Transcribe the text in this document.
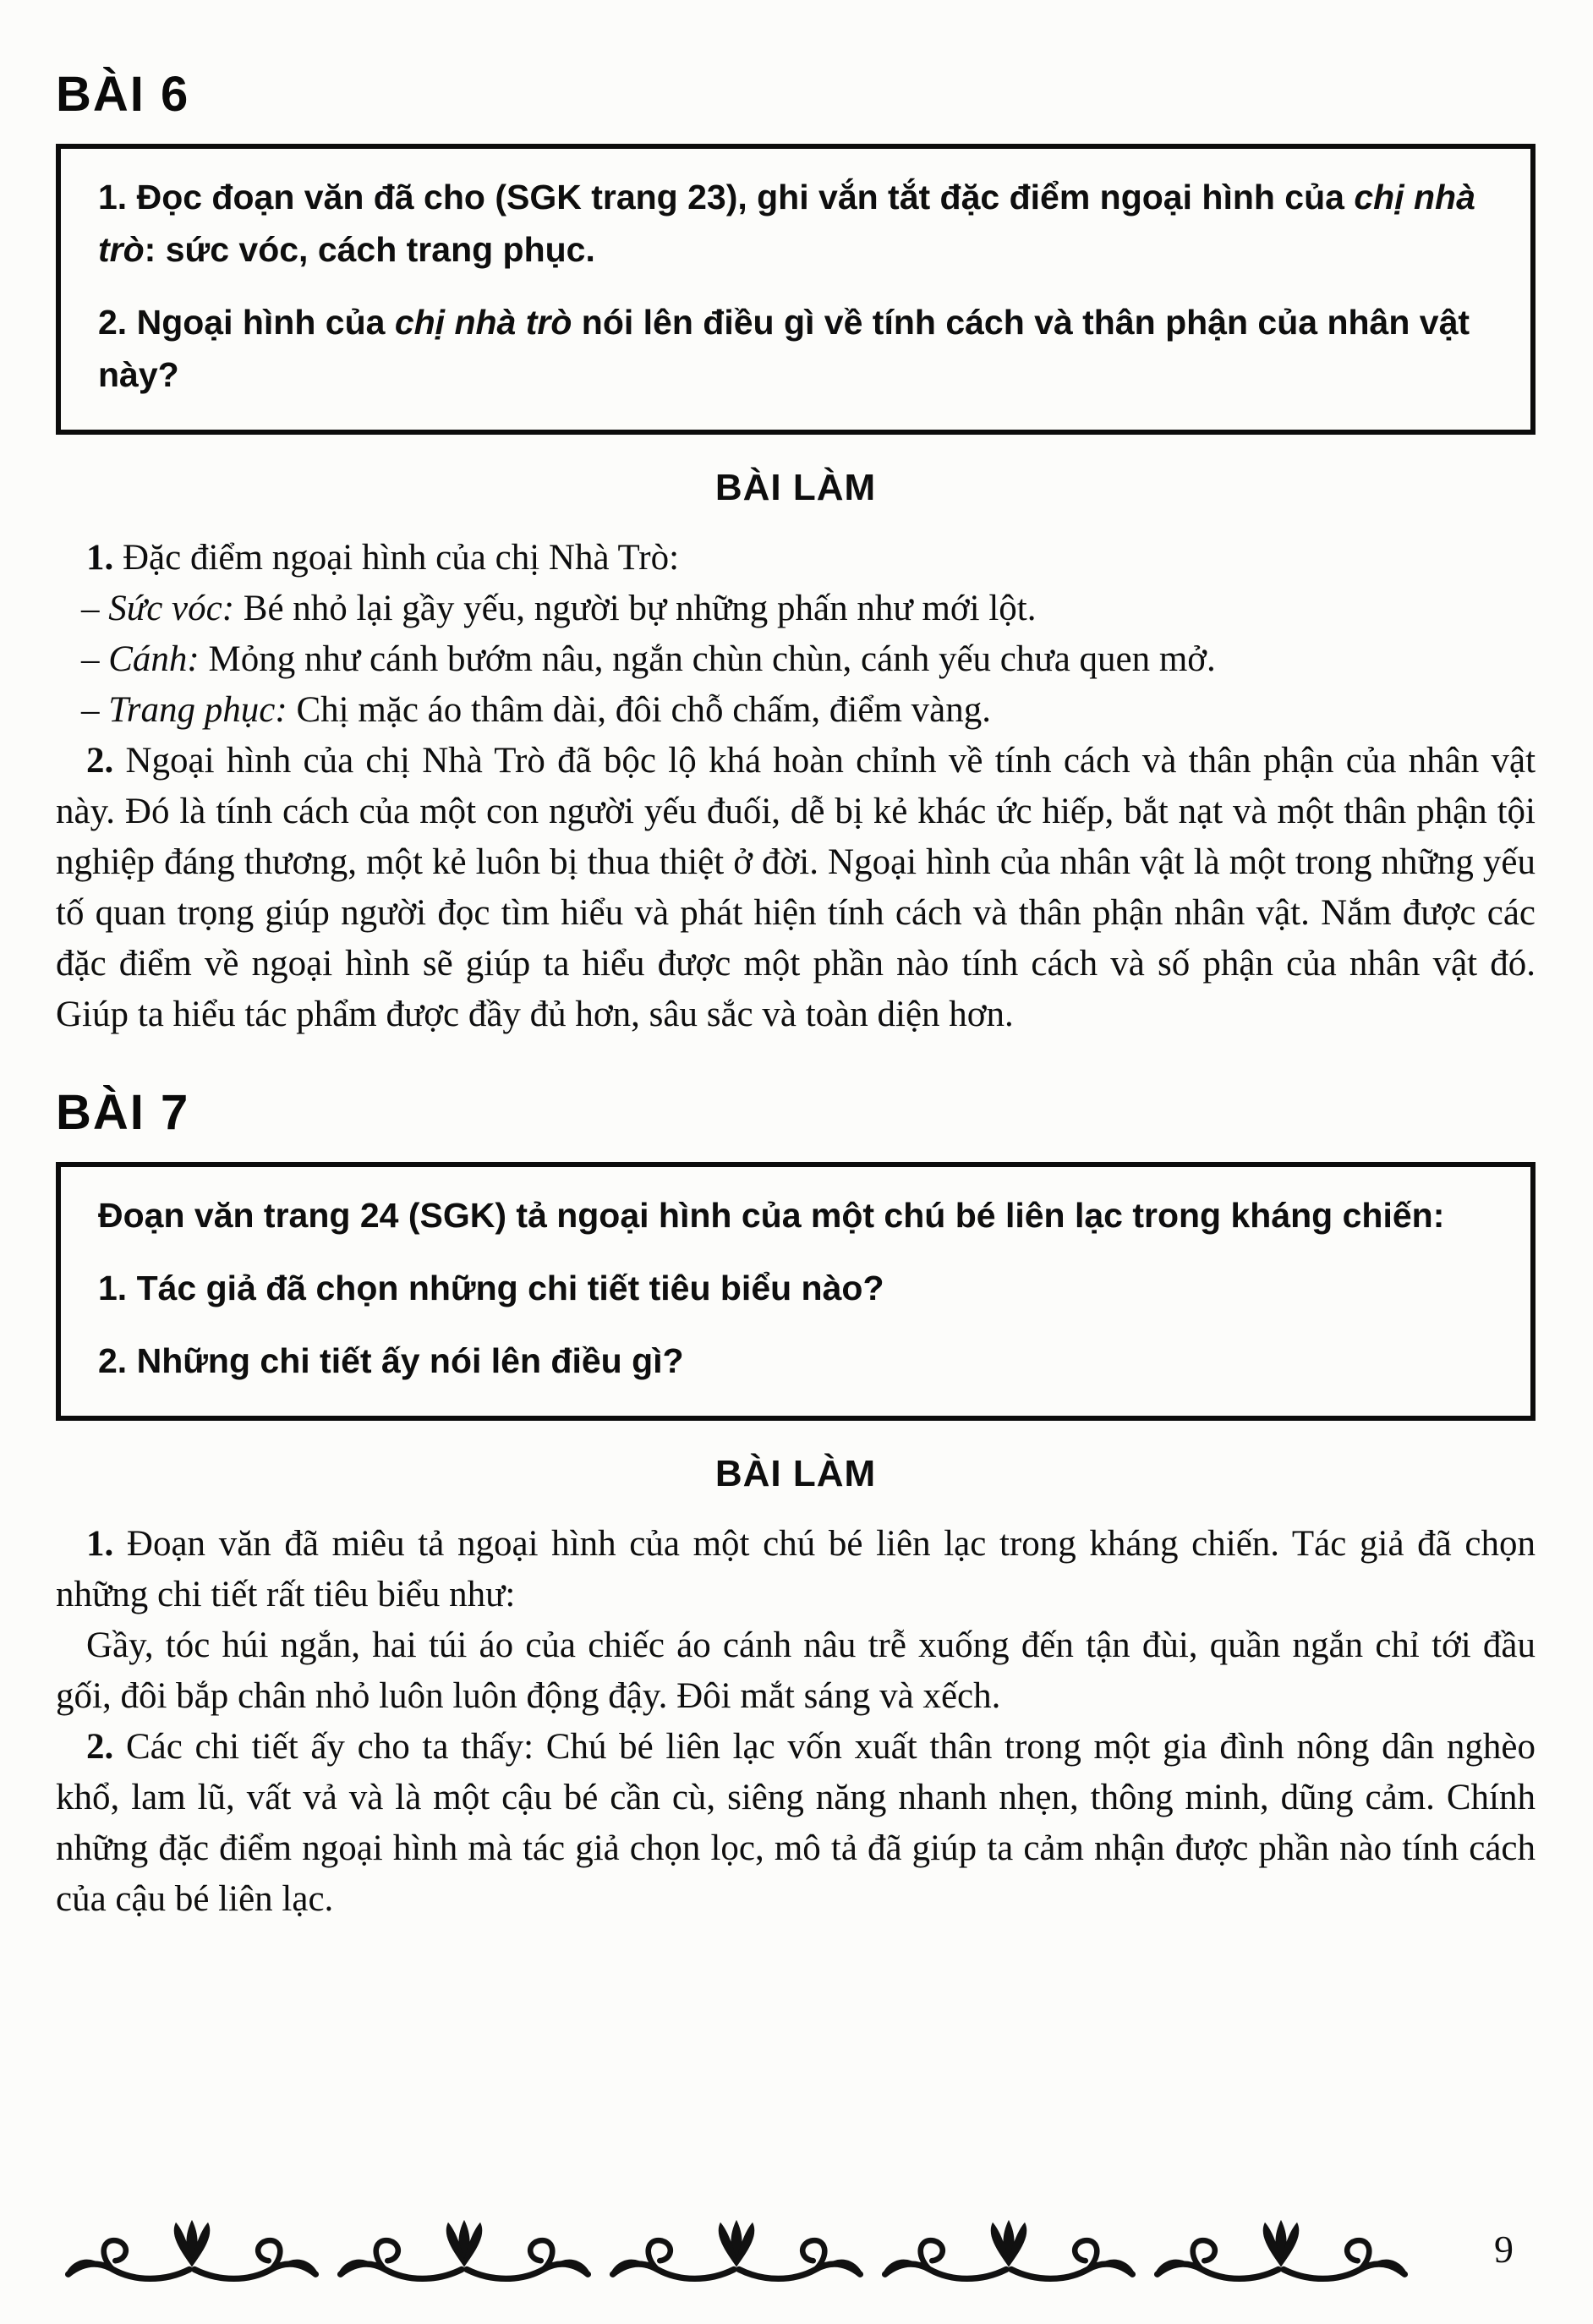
BÀI 6

1. Đọc đoạn văn đã cho (SGK trang 23), ghi vắn tắt đặc điểm ngoại hình của chị nhà trò: sức vóc, cách trang phục.

2. Ngoại hình của chị nhà trò nói lên điều gì về tính cách và thân phận của nhân vật này?

BÀI LÀM

1. Đặc điểm ngoại hình của chị Nhà Trò:

– Sức vóc: Bé nhỏ lại gầy yếu, người bự những phấn như mới lột.

– Cánh: Mỏng như cánh bướm nâu, ngắn chùn chùn, cánh yếu chưa quen mở.

– Trang phục: Chị mặc áo thâm dài, đôi chỗ chấm, điểm vàng.

2. Ngoại hình của chị Nhà Trò đã bộc lộ khá hoàn chỉnh về tính cách và thân phận của nhân vật này. Đó là tính cách của một con người yếu đuối, dễ bị kẻ khác ức hiếp, bắt nạt và một thân phận tội nghiệp đáng thương, một kẻ luôn bị thua thiệt ở đời. Ngoại hình của nhân vật là một trong những yếu tố quan trọng giúp người đọc tìm hiểu và phát hiện tính cách và thân phận nhân vật. Nắm được các đặc điểm về ngoại hình sẽ giúp ta hiểu được một phần nào tính cách và số phận của nhân vật đó. Giúp ta hiểu tác phẩm được đầy đủ hơn, sâu sắc và toàn diện hơn.

BÀI 7

Đoạn văn trang 24 (SGK) tả ngoại hình của một chú bé liên lạc trong kháng chiến:

1. Tác giả đã chọn những chi tiết tiêu biểu nào?

2. Những chi tiết ấy nói lên điều gì?

BÀI LÀM

1. Đoạn văn đã miêu tả ngoại hình của một chú bé liên lạc trong kháng chiến. Tác giả đã chọn những chi tiết rất tiêu biểu như:

Gầy, tóc húi ngắn, hai túi áo của chiếc áo cánh nâu trễ xuống đến tận đùi, quần ngắn chỉ tới đầu gối, đôi bắp chân nhỏ luôn luôn động đậy. Đôi mắt sáng và xếch.

2. Các chi tiết ấy cho ta thấy: Chú bé liên lạc vốn xuất thân trong một gia đình nông dân nghèo khổ, lam lũ, vất vả và là một cậu bé cần cù, siêng năng nhanh nhẹn, thông minh, dũng cảm. Chính những đặc điểm ngoại hình mà tác giả chọn lọc, mô tả đã giúp ta cảm nhận được phần nào tính cách của cậu bé liên lạc.

9
